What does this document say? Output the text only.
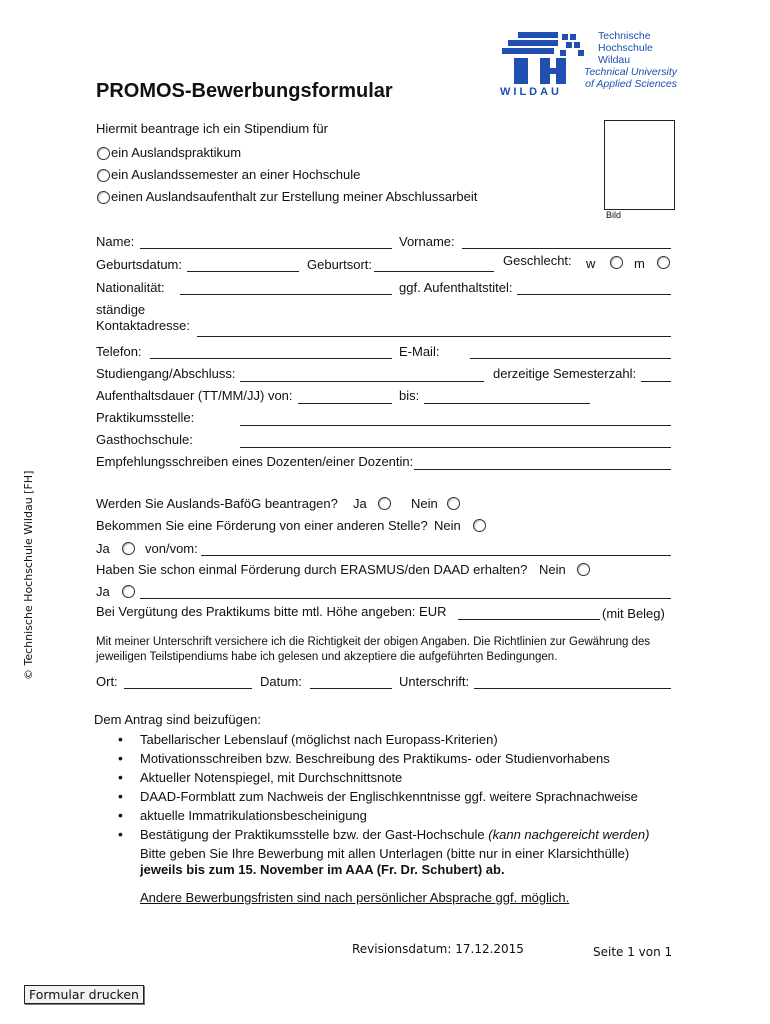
© Technische Hochschule Wildau [FH]
PROMOS-Bewerbungsformular	WILDAU
Technische
Hochschule
Wildau
Technical University
of Applied Sciences
Hiermit beantrage ich ein Stipendium für
ein Auslandspraktikum
ein Auslandssemester an einer Hochschule
einen Auslandsaufenthalt zur Erstellung meiner Abschlussarbeit
Bild
Name:	Vorname:
Geburtsdatum:	Geburtsort:	Geschlecht: w	m
Nationalität:	ggf. Aufenthaltstitel:
ständige
Kontaktadresse:
Telefon:	E-Mail:
Studiengang/Abschluss:	derzeitige Semesterzahl:
Aufenthaltsdauer (TT/MM/JJ) von:	bis:
Praktikumsstelle:
Gasthochschule:
Empfehlungsschreiben eines Dozenten/einer Dozentin:
Werden Sie Auslands-BaföG beantragen? Ja	Nein
Bekommen Sie eine Förderung von einer anderen Stelle? Nein
Ja	von/vom:
Haben Sie schon einmal Förderung durch ERASMUS/den DAAD erhalten? Nein
Ja
Bei Vergütung des Praktikums bitte mtl. Höhe angeben: EUR	(mit Beleg)
Mit meiner Unterschrift versichere ich die Richtigkeit der obigen Angaben. Die Richtlinien zur Gewährung des
jeweiligen Teilstipendiums habe ich gelesen und akzeptiere die aufgeführten Bedingungen.
Ort:	Datum:	Unterschrift:
Dem Antrag sind beizufügen:
• Tabellarischer Lebenslauf (möglichst nach Europass-Kriterien)
• Motivationsschreiben bzw. Beschreibung des Praktikums- oder Studienvorhabens
• Aktueller Notenspiegel, mit Durchschnittsnote
• DAAD-Formblatt zum Nachweis der Englischkenntnisse ggf. weitere Sprachnachweise
• aktuelle Immatrikulationsbescheinigung
• Bestätigung der Praktikumsstelle bzw. der Gast-Hochschule (kann nachgereicht werden)
Bitte geben Sie Ihre Bewerbung mit allen Unterlagen (bitte nur in einer Klarsichthülle)
jeweils bis zum 15. November im AAA (Fr. Dr. Schubert) ab.
Andere Bewerbungsfristen sind nach persönlicher Absprache ggf. möglich.
Revisionsdatum: 17.12.2015	Seite 1 von 1
Formular drucken
